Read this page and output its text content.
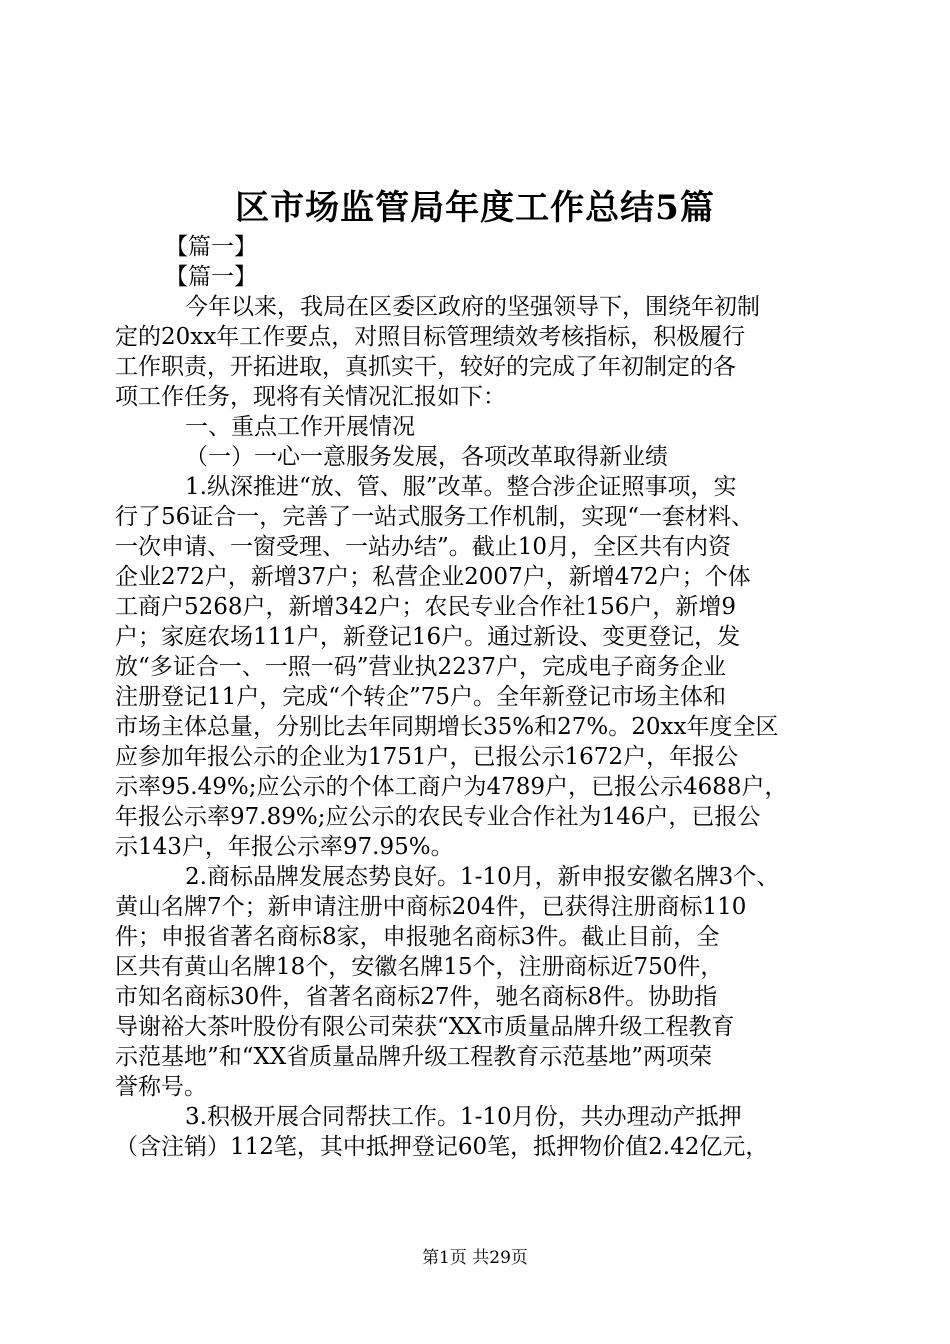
区市场监管局年度工作总结5篇
【篇一】
【篇一】
今年以来，我局在区委区政府的坚强领导下，围绕年初制
定的20xx年工作要点，对照目标管理绩效考核指标，积极履行
工作职责，开拓进取，真抓实干，较好的完成了年初制定的各
项工作任务，现将有关情况汇报如下：
一、重点工作开展情况
（一）一心一意服务发展，各项改革取得新业绩
1.纵深推进“放、管、服”改革。整合涉企证照事项，实
行了56证合一，完善了一站式服务工作机制，实现“一套材料、
一次申请、一窗受理、一站办结”。截止10月，全区共有内资
企业272户，新增37户；私营企业2007户，新增472户；个体
工商户5268户，新增342户；农民专业合作社156户，新增9
户；家庭农场111户，新登记16户。通过新设、变更登记，发
放“多证合一、一照一码”营业执2237户，完成电子商务企业
注册登记11户，完成“个转企”75户。全年新登记市场主体和
市场主体总量，分别比去年同期增长35%和27%。20xx年度全区
应参加年报公示的企业为1751户，已报公示1672户，年报公
示率95.49%;应公示的个体工商户为4789户，已报公示4688户，
年报公示率97.89%;应公示的农民专业合作社为146户，已报公
示143户，年报公示率97.95%。
2.商标品牌发展态势良好。1-10月，新申报安徽名牌3个、
黄山名牌7个；新申请注册中商标204件，已获得注册商标110
件；申报省著名商标8家，申报驰名商标3件。截止目前，全
区共有黄山名牌18个，安徽名牌15个，注册商标近750件，
市知名商标30件，省著名商标27件，驰名商标8件。协助指
导谢裕大茶叶股份有限公司荣获“XX市质量品牌升级工程教育
示范基地”和“XX省质量品牌升级工程教育示范基地”两项荣
誉称号。
3.积极开展合同帮扶工作。1-10月份，共办理动产抵押
（含注销）112笔，其中抵押登记60笔，抵押物价值2.42亿元，
第1页 共29页
